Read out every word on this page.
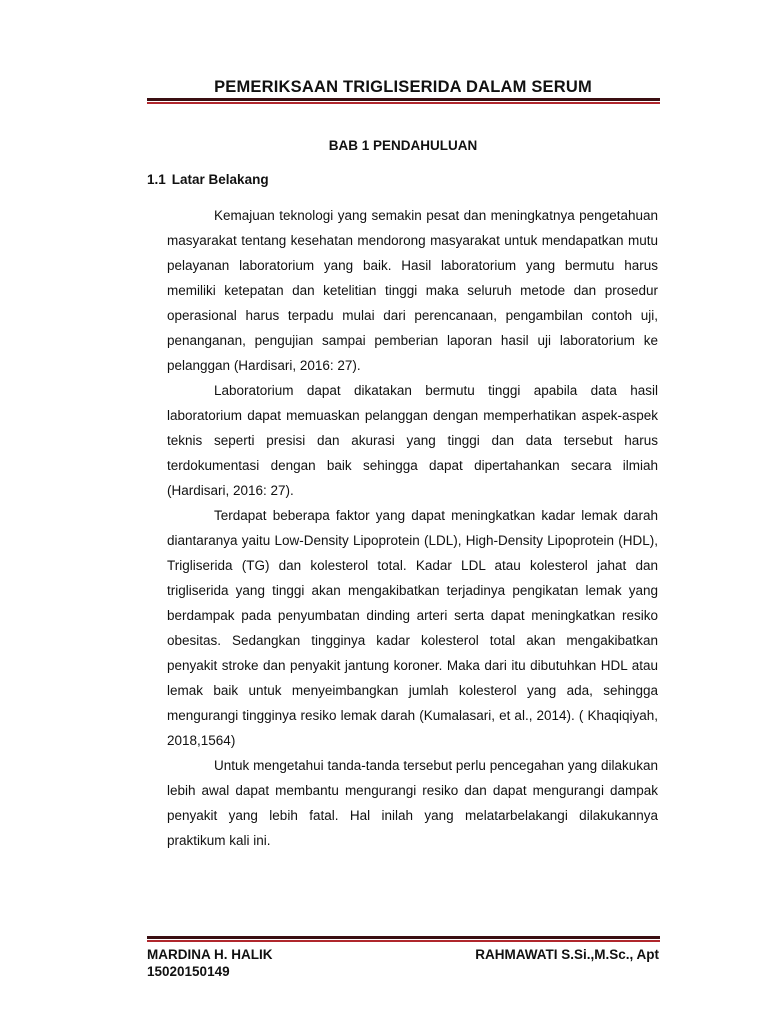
PEMERIKSAAN TRIGLISERIDA DALAM SERUM
BAB 1 PENDAHULUAN
1.1 Latar Belakang

Kemajuan teknologi yang semakin pesat dan meningkatnya pengetahuan masyarakat tentang kesehatan mendorong masyarakat untuk mendapatkan mutu pelayanan laboratorium yang baik. Hasil laboratorium yang bermutu harus memiliki ketepatan dan ketelitian tinggi maka seluruh metode dan prosedur operasional harus terpadu mulai dari perencanaan, pengambilan contoh uji, penanganan, pengujian sampai pemberian laporan hasil uji laboratorium ke pelanggan (Hardisari, 2016: 27).

Laboratorium dapat dikatakan bermutu tinggi apabila data hasil laboratorium dapat memuaskan pelanggan dengan memperhatikan aspek-aspek teknis seperti presisi dan akurasi yang tinggi dan data tersebut harus terdokumentasi dengan baik sehingga dapat dipertahankan secara ilmiah (Hardisari, 2016: 27).

Terdapat beberapa faktor yang dapat meningkatkan kadar lemak darah diantaranya yaitu Low-Density Lipoprotein (LDL), High-Density Lipoprotein (HDL), Trigliserida (TG) dan kolesterol total. Kadar LDL atau kolesterol jahat dan trigliserida yang tinggi akan mengakibatkan terjadinya pengikatan lemak yang berdampak pada penyumbatan dinding arteri serta dapat meningkatkan resiko obesitas. Sedangkan tingginya kadar kolesterol total akan mengakibatkan penyakit stroke dan penyakit jantung koroner. Maka dari itu dibutuhkan HDL atau lemak baik untuk menyeimbangkan jumlah kolesterol yang ada, sehingga mengurangi tingginya resiko lemak darah (Kumalasari, et al., 2014). ( Khaqiqiyah, 2018,1564)

Untuk mengetahui tanda-tanda tersebut perlu pencegahan yang dilakukan lebih awal dapat membantu mengurangi resiko dan dapat mengurangi dampak penyakit yang lebih fatal. Hal inilah yang melatarbelakangi dilakukannya praktikum kali ini.

MARDINA H. HALIK
15020150149
RAHMAWATI S.Si.,M.Sc., Apt
